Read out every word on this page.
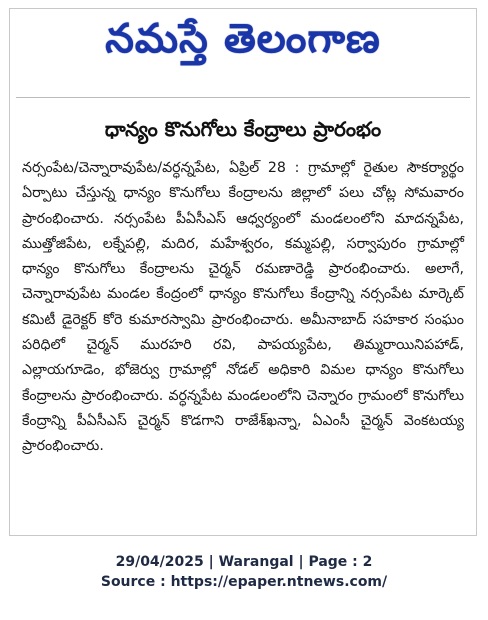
నమస్తే తెలంగాణ
ధాన్యం కొనుగోలు కేంద్రాలు ప్రారంభం
నర్సంపేట/చెన్నారావుపేట/వర్ధన్నపేట, ఏప్రిల్ 28 : గ్రామాల్లో రైతుల సౌకర్యార్థం ఏర్పాటు చేస్తున్న ధాన్యం కొనుగోలు కేంద్రాలను జిల్లాలో పలు చోట్ల సోమవారం ప్రారంభించారు. నర్సంపేట పీఏసీఎస్ ఆధ్వర్యంలో మండలంలోని మాదన్నపేట, ముత్తోజిపేట, లక్నేపల్లి, మదిర, మహేశ్వరం, కమ్మపల్లి, సర్వాపురం గ్రామాల్లో ధాన్యం కొనుగోలు కేంద్రాలను చైర్మన్ రమణారెడ్డి ప్రారంభించారు. అలాగే, చెన్నారావుపేట మండల కేంద్రంలో ధాన్యం కొనుగోలు కేంద్రాన్ని నర్సంపేట మార్కెట్ కమిటీ డైరెక్టర్ కోరె కుమారస్వామి ప్రారంభించారు. అమీనాబాద్ సహకార సంఘం పరిధిలో చైర్మన్ మురహరి రవి, పాపయ్యపేట, తిమ్మరాయినిపహాడ్, ఎల్లాయగూడెం, భోజెర్వు గ్రామాల్లో నోడల్ అధికారి విమల ధాన్యం కొనుగోలు కేంద్రాలను ప్రారంభించారు. వర్ధన్నపేట మండలంలోని చెన్నారం గ్రామంలో కొనుగోలు కేంద్రాన్ని పీఏసీఎస్ చైర్మన్ కొడగాని రాజేశ్‌ఖన్నా, ఏఎంసీ చైర్మన్ వెంకటయ్య ప్రారంభించారు.
29/04/2025 | Warangal | Page : 2
Source : https://epaper.ntnews.com/
